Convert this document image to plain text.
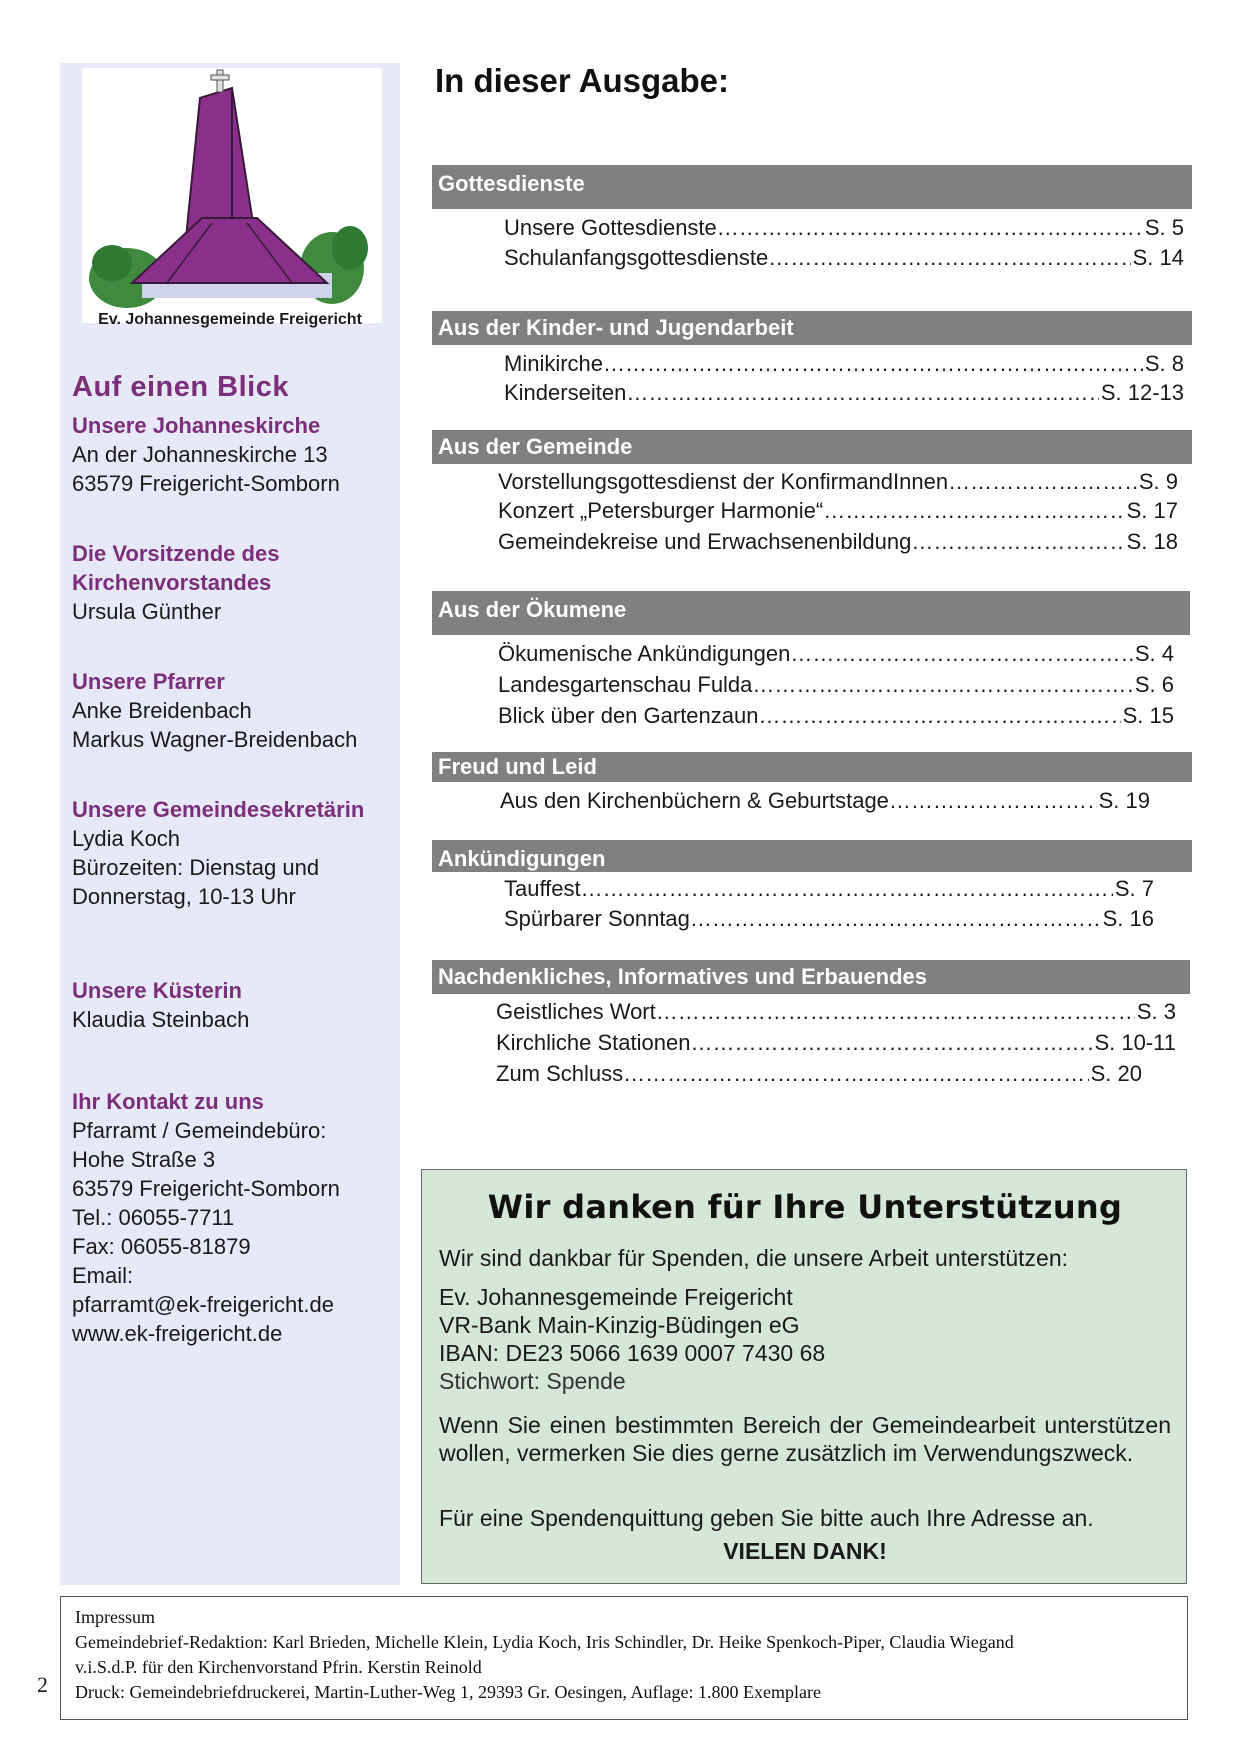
Ev. Johannesgemeinde Freigericht
Auf einen Blick
Unsere Johanneskirche
An der Johanneskirche 13
63579 Freigericht-Somborn
Die Vorsitzende des
Kirchenvorstandes
Ursula Günther
Unsere Pfarrer
Anke Breidenbach
Markus Wagner-Breidenbach
Unsere Gemeindesekretärin
Lydia Koch
Bürozeiten: Dienstag und
Donnerstag, 10-13 Uhr
Unsere Küsterin
Klaudia Steinbach
Ihr Kontakt zu uns
Pfarramt / Gemeindebüro:
Hohe Straße 3
63579 Freigericht-Somborn
Tel.: 06055-7711
Fax: 06055-81879
Email:
pfarramt@ek-freigericht.de
www.ek-freigericht.de
In dieser Ausgabe:
Gottesdienste
Unsere Gottesdienste ………………………………………………………………………………………………………………………………………………	S. 5
Schulanfangsgottesdienste ………………………………………………………………………………………………………………………………………………	S. 14
Aus der Kinder- und Jugendarbeit
Minikirche ………………………………………………………………………………………………………………………………………………	S. 8
Kinderseiten ………………………………………………………………………………………………………………………………………………	S. 12-13
Aus der Gemeinde
Vorstellungsgottesdienst der KonfirmandInnen ………………………………………………………………………………………………………………………………………………	S. 9
Konzert „Petersburger Harmonie“ ………………………………………………………………………………………………………………………………………………	S. 17
Gemeindekreise und Erwachsenenbildung ………………………………………………………………………………………………………………………………………………	S. 18
Aus der Ökumene
Ökumenische Ankündigungen ………………………………………………………………………………………………………………………………………………	S. 4
Landesgartenschau Fulda ………………………………………………………………………………………………………………………………………………	S. 6
Blick über den Gartenzaun ………………………………………………………………………………………………………………………………………………	S. 15
Freud und Leid
Aus den Kirchenbüchern & Geburtstage ………………………………………………………………………………………………………………………………………………	S. 19
Ankündigungen
Tauffest ………………………………………………………………………………………………………………………………………………	S. 7
Spürbarer Sonntag ………………………………………………………………………………………………………………………………………………	S. 16
Nachdenkliches, Informatives und Erbauendes
Geistliches Wort ………………………………………………………………………………………………………………………………………………	S. 3
Kirchliche Stationen ………………………………………………………………………………………………………………………………………………	S. 10-11
Zum Schluss ………………………………………………………………………………………………………………………………………………	S. 20
Wir danken für Ihre Unterstützung
Wir sind dankbar für Spenden, die unsere Arbeit unterstützen:
Ev. Johannesgemeinde Freigericht
VR-Bank Main-Kinzig-Büdingen eG
IBAN: DE23 5066 1639 0007 7430 68
Stichwort: Spende
Wenn Sie einen bestimmten Bereich der Gemeindearbeit unterstützen wollen, vermerken Sie dies gerne zusätzlich im Verwendungszweck.
Für eine Spendenquittung geben Sie bitte auch Ihre Adresse an.
VIELEN DANK!
Impressum
Gemeindebrief-Redaktion: Karl Brieden, Michelle Klein, Lydia Koch, Iris Schindler, Dr. Heike Spenkoch-Piper, Claudia Wiegand
v.i.S.d.P. für den Kirchenvorstand Pfrin. Kerstin Reinold
Druck: Gemeindebriefdruckerei, Martin-Luther-Weg 1, 29393 Gr. Oesingen, Auflage: 1.800 Exemplare
2
